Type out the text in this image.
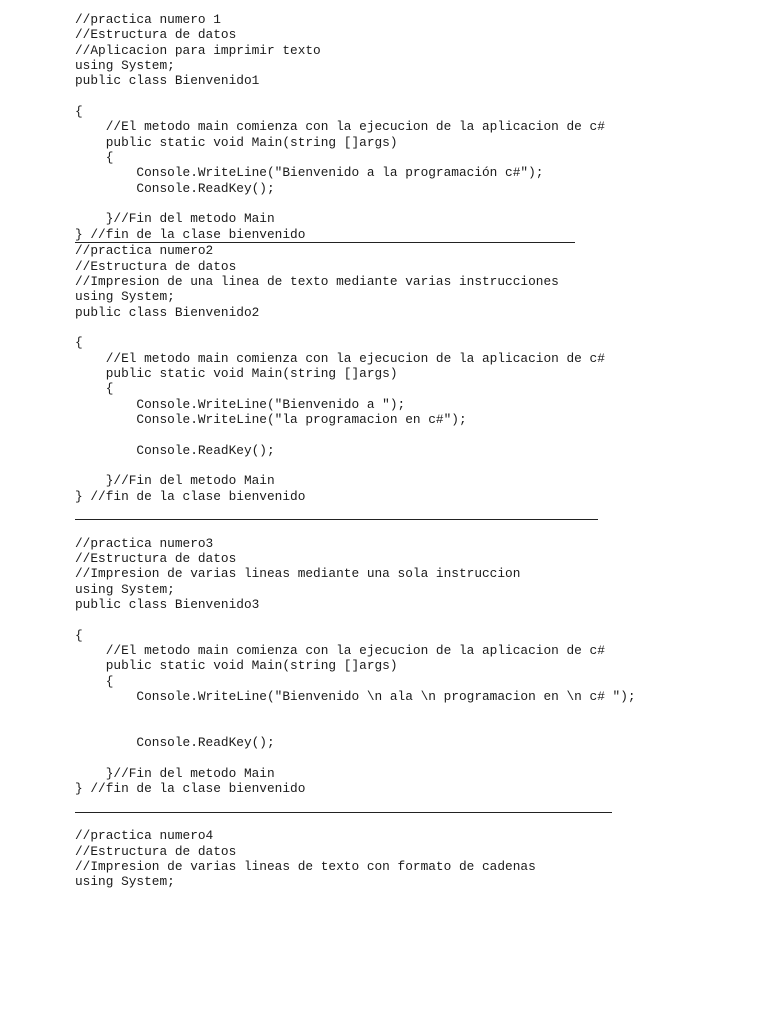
//practica numero 1
//Estructura de datos
//Aplicacion para imprimir texto
using System;
public class Bienvenido1
{
//El metodo main comienza con la ejecucion de la aplicacion de c#
public static void Main(string []args)
{
Console.WriteLine("Bienvenido a la programación c#");
Console.ReadKey();
}//Fin del metodo Main
} //fin de la clase bienvenido
//practica numero2
//Estructura de datos
//Impresion de una linea de texto mediante varias instrucciones
using System;
public class Bienvenido2
{
//El metodo main comienza con la ejecucion de la aplicacion de c#
public static void Main(string []args)
{
Console.WriteLine("Bienvenido a ");
Console.WriteLine("la programacion en c#");
Console.ReadKey();
}//Fin del metodo Main
} //fin de la clase bienvenido
//practica numero3
//Estructura de datos
//Impresion de varias lineas mediante una sola instruccion
using System;
public class Bienvenido3
{
//El metodo main comienza con la ejecucion de la aplicacion de c#
public static void Main(string []args)
{
Console.WriteLine("Bienvenido \n ala \n programacion en \n c# ");
Console.ReadKey();
}//Fin del metodo Main
} //fin de la clase bienvenido
//practica numero4
//Estructura de datos
//Impresion de varias lineas de texto con formato de cadenas
using System;
